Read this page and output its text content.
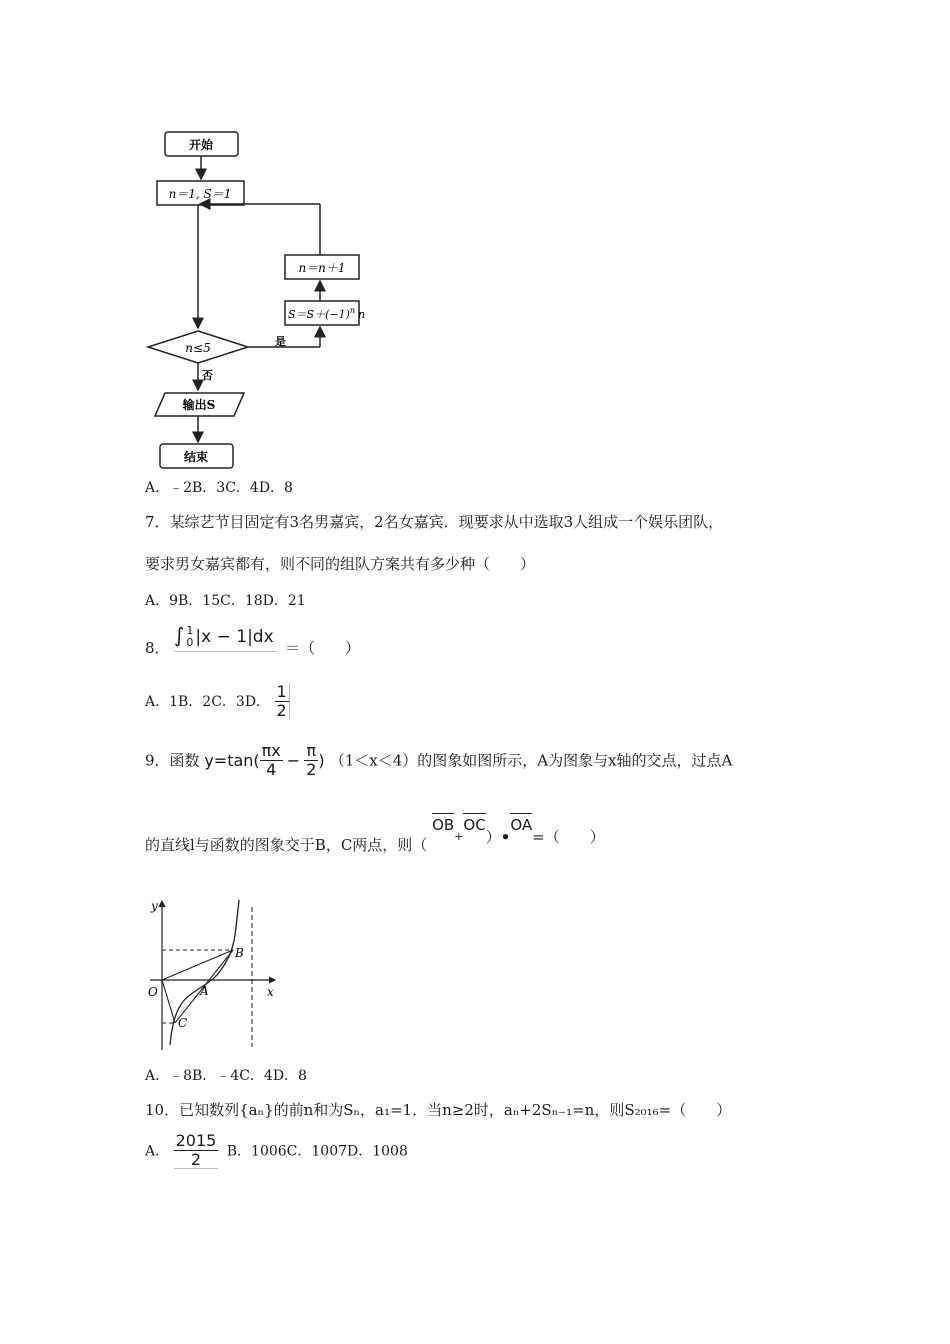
开始
n＝1, S＝1
n＝n＋1
$S=S+(-1)^n$ n
n≤5	是
否
输出S
结束
A．﹣2B．3C．4D．8
7．某综艺节目固定有3名男嘉宾，2名女嘉宾．现要求从中选取3人组成一个娱乐团队，
要求男女嘉宾都有，则不同的组队方案共有多少种（　　）
A．9B．15C．18D．21
8．
∫ 1
0 |x − 1|dx
＝（　　）
A．1B．2C．3D． $\frac{1}{2}$
9．函数 $y=\tan( \frac{\pi x}{4} - \frac{\pi}{2}$ ) （1＜x＜4）的图象如图所示，A为图象与x轴的交点，过点A
的直线l与函数的图象交于B，C两点，则（
$OB_+$
OC）•
OA=（　　）
y
x
O	A
B
C
A．﹣8B．﹣4C．4D．8
10．已知数列{aₙ}的前n和为Sₙ，a₁=1．当n≥2时，aₙ+2Sₙ₋₁=n，则S₂₀₁₆=（　　）
A． $\frac{2015}{2}$ B．1006C．1007D．1008
